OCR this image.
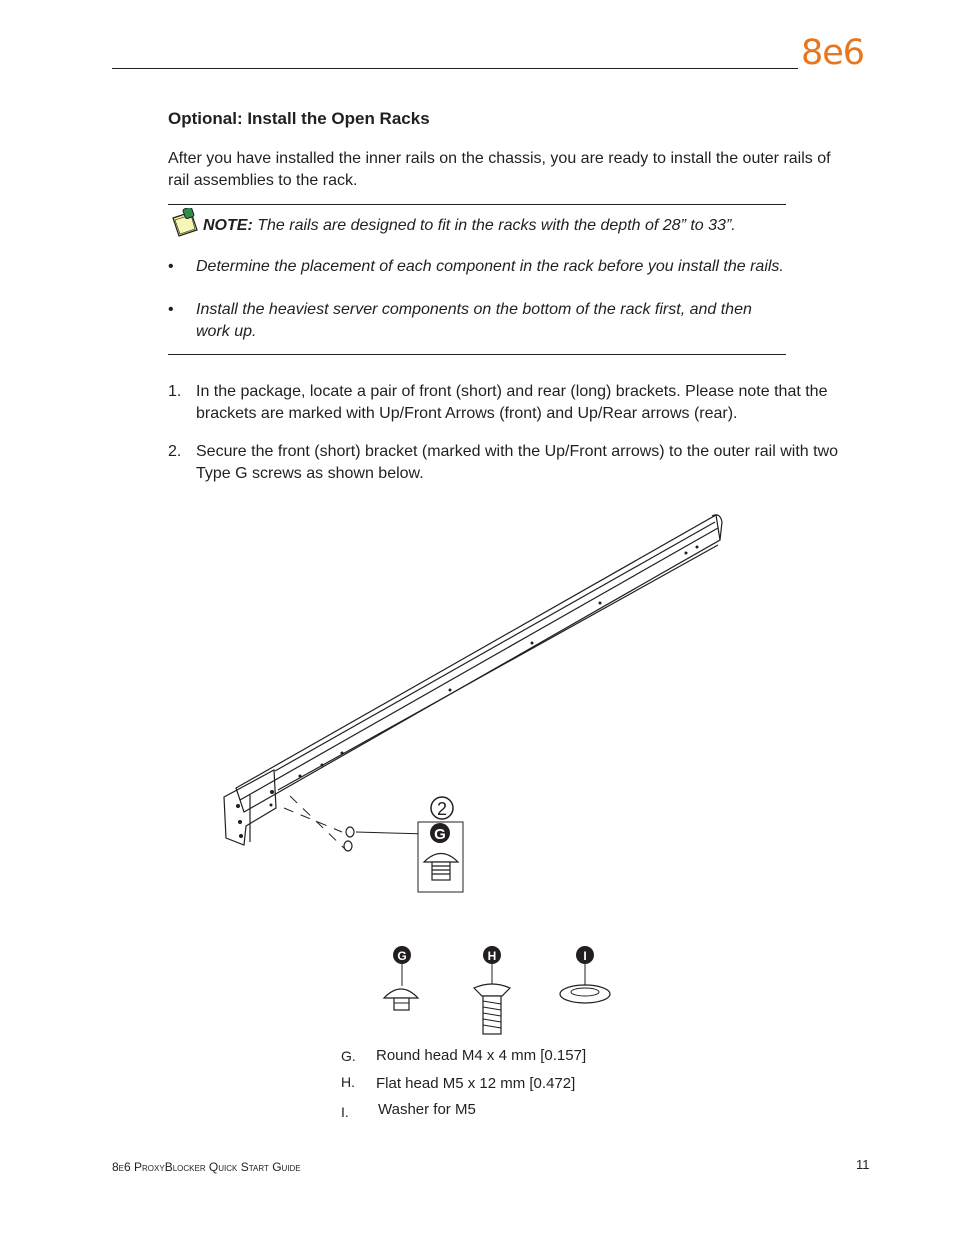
8e6
Optional: Install the Open Racks

After you have installed the inner rails on the chassis, you are ready to install the outer rails of rail assemblies to the rack.

NOTE: The rails are designed to fit in the racks with the depth of 28” to 33”.
• Determine the placement of each component in the rack before you install the rails.
• Install the heaviest server components on the bottom of the rack first, and then work up.
1. In the package, locate a pair of front (short) and rear (long) brackets. Please note that the brackets are marked with Up/Front Arrows (front) and Up/Rear arrows (rear).
2. Secure the front (short) bracket (marked with the Up/Front arrows) to the outer rail with two Type G screws as shown below.
2
G
G	H	I
G. Round head M4 x 4 mm [0.157]
H. Flat head M5 x 12 mm [0.472]
I. Washer for M5
8e6 ProxyBlocker Quick Start Guide	11
